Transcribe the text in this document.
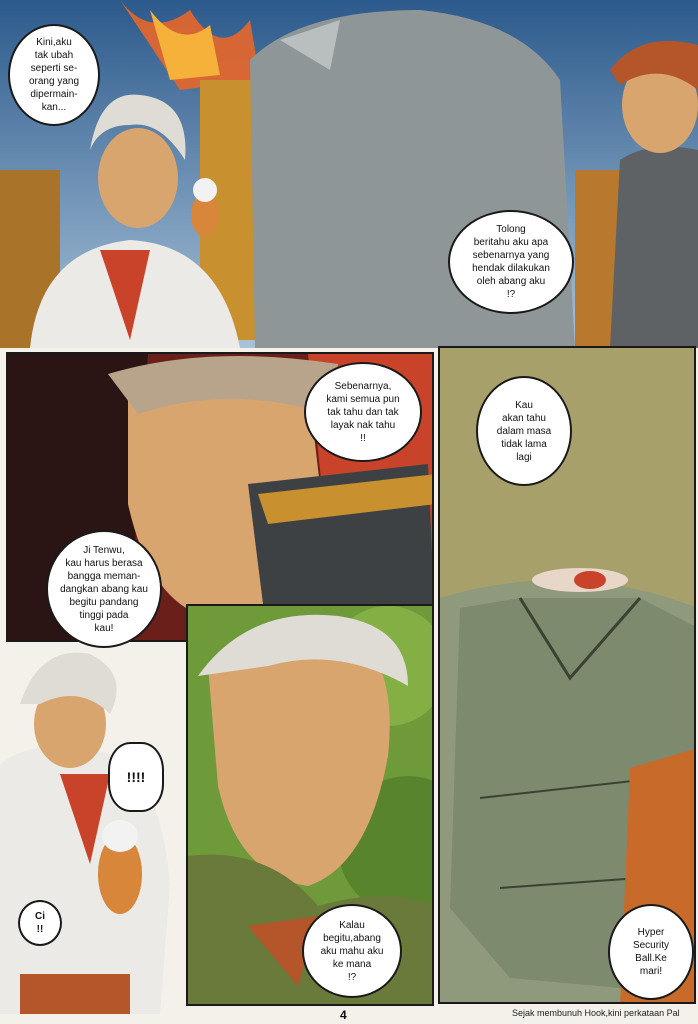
Kini,aku
tak ubah
seperti se-
orang yang
dipermain-
kan...
Tolong
beritahu aku apa
sebenarnya yang
hendak dilakukan
oleh abang aku
!?
Sebenarnya,
kami semua pun
tak tahu dan tak
layak nak tahu
!!
Kau
akan tahu
dalam masa
tidak lama
lagi
Hyper
Security
Ball.Ke
mari!
!!!!
Ci
!!	Kalau
begitu,abang
aku mahu aku
ke mana
!?
Ji Tenwu,
kau harus berasa
bangga meman-
dangkan abang kau
begitu pandang
tinggi pada
kau!
4	Sejak membunuh Hook,kini perkataan Pal
